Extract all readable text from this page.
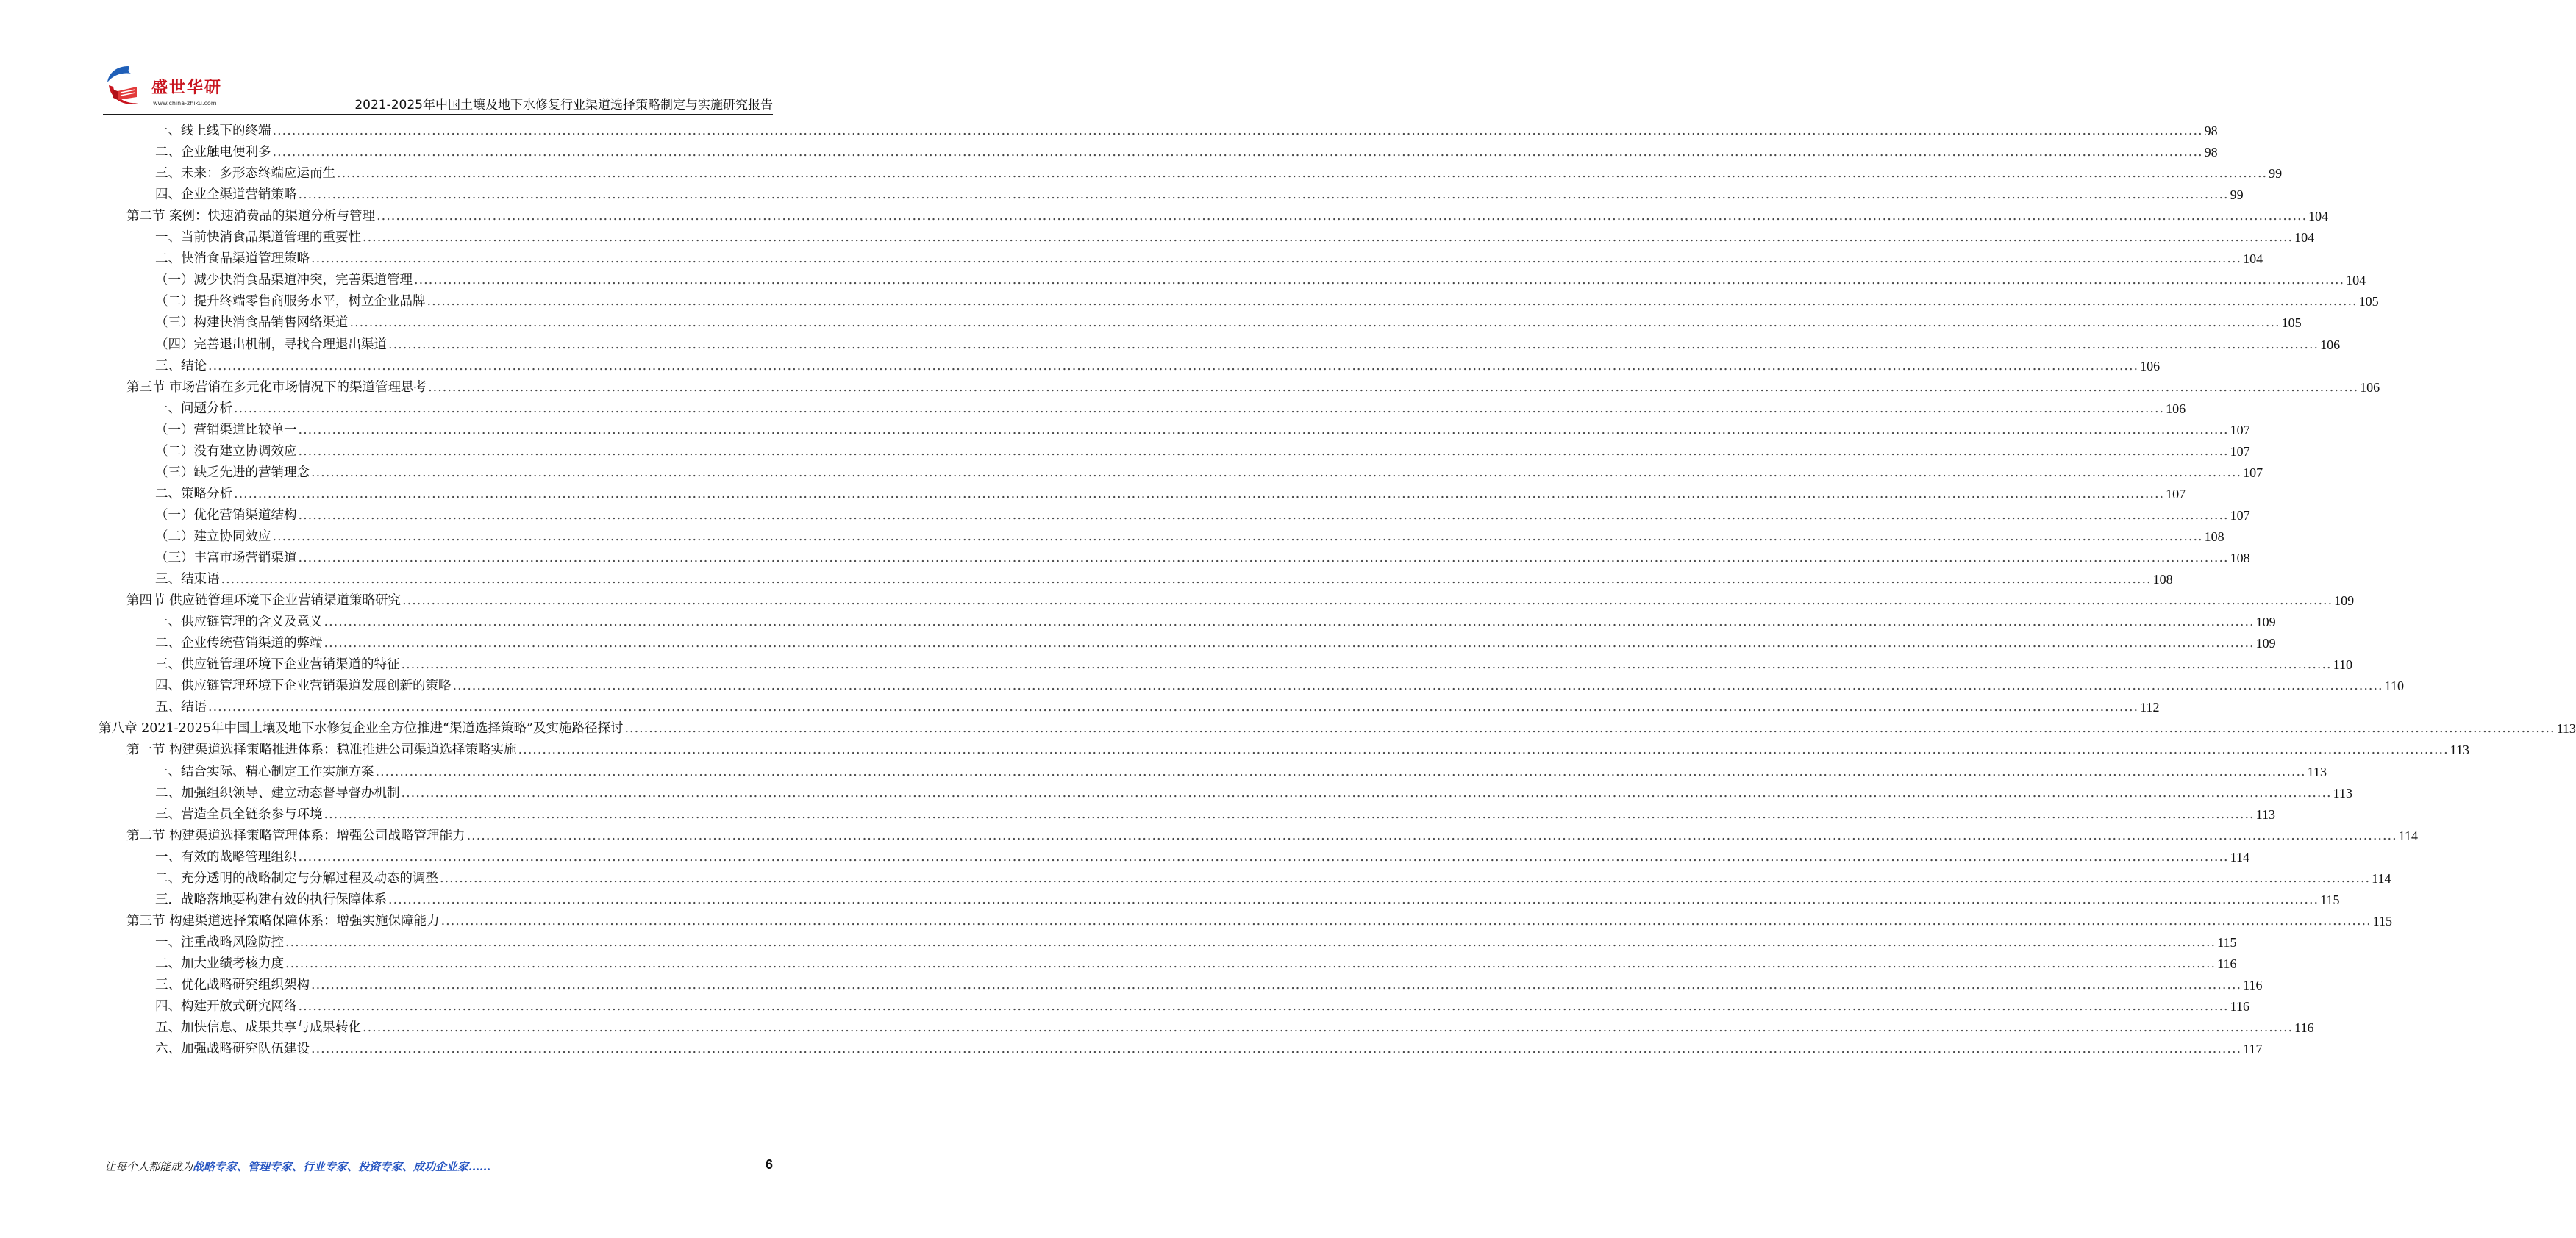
盛世华研
www.china-zhiku.com	2021-2025年中国土壤及地下水修复行业渠道选择策略制定与实施研究报告
一、线上线下的终端 ................................................................................................................................................................................................................................................................................................................................................................................................................ 98
二、企业触电便利多 ................................................................................................................................................................................................................................................................................................................................................................................................................ 98
三、未来：多形态终端应运而生 ................................................................................................................................................................................................................................................................................................................................................................................................................ 99
四、企业全渠道营销策略 ................................................................................................................................................................................................................................................................................................................................................................................................................ 99
第二节 案例：快速消费品的渠道分析与管理 ................................................................................................................................................................................................................................................................................................................................................................................................................ 104
一、当前快消食品渠道管理的重要性 ................................................................................................................................................................................................................................................................................................................................................................................................................ 104
二、快消食品渠道管理策略 ................................................................................................................................................................................................................................................................................................................................................................................................................ 104
（一）减少快消食品渠道冲突，完善渠道管理 ................................................................................................................................................................................................................................................................................................................................................................................................................ 104
（二）提升终端零售商服务水平，树立企业品牌 ................................................................................................................................................................................................................................................................................................................................................................................................................ 105
（三）构建快消食品销售网络渠道 ................................................................................................................................................................................................................................................................................................................................................................................................................ 105
（四）完善退出机制，寻找合理退出渠道 ................................................................................................................................................................................................................................................................................................................................................................................................................ 106
三、结论 ................................................................................................................................................................................................................................................................................................................................................................................................................ 106
第三节 市场营销在多元化市场情况下的渠道管理思考 ................................................................................................................................................................................................................................................................................................................................................................................................................ 106
一、问题分析 ................................................................................................................................................................................................................................................................................................................................................................................................................ 106
（一）营销渠道比较单一 ................................................................................................................................................................................................................................................................................................................................................................................................................ 107
（二）没有建立协调效应 ................................................................................................................................................................................................................................................................................................................................................................................................................ 107
（三）缺乏先进的营销理念 ................................................................................................................................................................................................................................................................................................................................................................................................................ 107
二、策略分析 ................................................................................................................................................................................................................................................................................................................................................................................................................ 107
（一）优化营销渠道结构 ................................................................................................................................................................................................................................................................................................................................................................................................................ 107
（二）建立协同效应 ................................................................................................................................................................................................................................................................................................................................................................................................................ 108
（三）丰富市场营销渠道 ................................................................................................................................................................................................................................................................................................................................................................................................................ 108
三、结束语 ................................................................................................................................................................................................................................................................................................................................................................................................................ 108
第四节 供应链管理环境下企业营销渠道策略研究 ................................................................................................................................................................................................................................................................................................................................................................................................................ 109
一、供应链管理的含义及意义 ................................................................................................................................................................................................................................................................................................................................................................................................................ 109
二、企业传统营销渠道的弊端 ................................................................................................................................................................................................................................................................................................................................................................................................................ 109
三、供应链管理环境下企业营销渠道的特征 ................................................................................................................................................................................................................................................................................................................................................................................................................ 110
四、供应链管理环境下企业营销渠道发展创新的策略 ................................................................................................................................................................................................................................................................................................................................................................................................................ 110
五、结语 ................................................................................................................................................................................................................................................................................................................................................................................................................ 112
第八章 2021-2025年中国土壤及地下水修复企业全方位推进“渠道选择策略”及实施路径探讨 ................................................................................................................................................................................................................................................................................................................................................................................................................ 113
第一节 构建渠道选择策略推进体系：稳准推进公司渠道选择策略实施 ................................................................................................................................................................................................................................................................................................................................................................................................................ 113
一、结合实际、精心制定工作实施方案 ................................................................................................................................................................................................................................................................................................................................................................................................................ 113
二、加强组织领导、建立动态督导督办机制 ................................................................................................................................................................................................................................................................................................................................................................................................................ 113
三、营造全员全链条参与环境 ................................................................................................................................................................................................................................................................................................................................................................................................................ 113
第二节 构建渠道选择策略管理体系：增强公司战略管理能力 ................................................................................................................................................................................................................................................................................................................................................................................................................ 114
一、有效的战略管理组织 ................................................................................................................................................................................................................................................................................................................................................................................................................ 114
二、充分透明的战略制定与分解过程及动态的调整 ................................................................................................................................................................................................................................................................................................................................................................................................................ 114
三．战略落地要构建有效的执行保障体系 ................................................................................................................................................................................................................................................................................................................................................................................................................ 115
第三节 构建渠道选择策略保障体系：增强实施保障能力 ................................................................................................................................................................................................................................................................................................................................................................................................................ 115
一、注重战略风险防控 ................................................................................................................................................................................................................................................................................................................................................................................................................ 115
二、加大业绩考核力度 ................................................................................................................................................................................................................................................................................................................................................................................................................ 116
三、优化战略研究组织架构 ................................................................................................................................................................................................................................................................................................................................................................................................................ 116
四、构建开放式研究网络 ................................................................................................................................................................................................................................................................................................................................................................................................................ 116
五、加快信息、成果共享与成果转化 ................................................................................................................................................................................................................................................................................................................................................................................................................ 116
六、加强战略研究队伍建设 ................................................................................................................................................................................................................................................................................................................................................................................................................ 117
让每个人都能成为战略专家、管理专家、行业专家、投资专家、成功企业家……	6
